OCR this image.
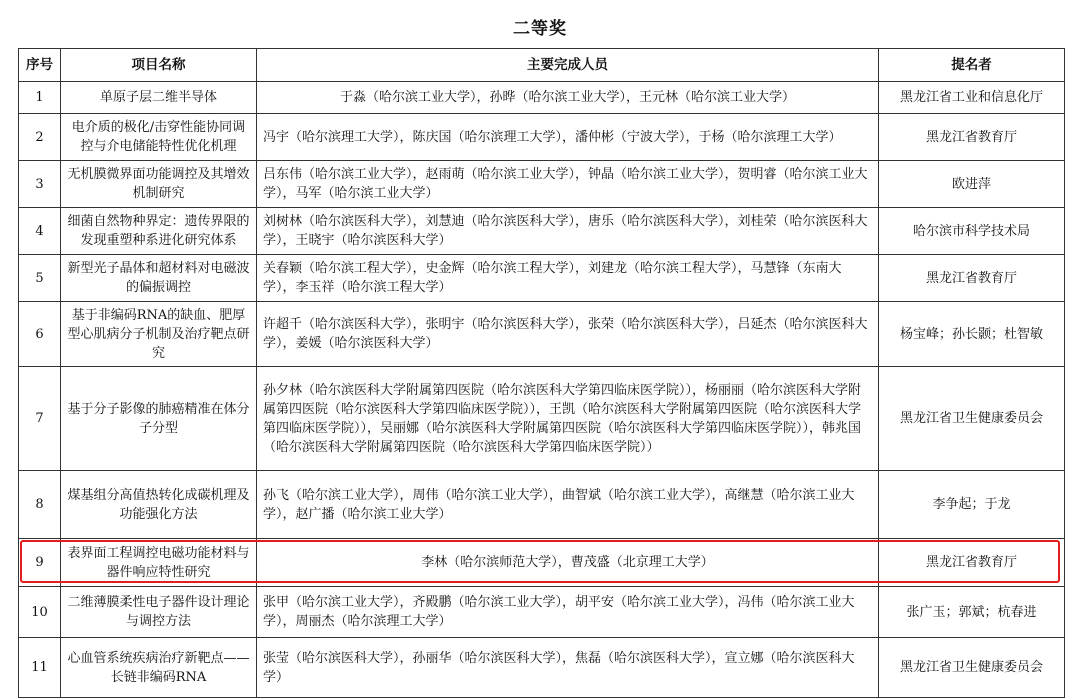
二等奖
序号	项目名称	主要完成人员	提名者
1	单原子层二维半导体	于淼（哈尔滨工业大学），孙晔（哈尔滨工业大学），王元林（哈尔滨工业大学）	黑龙江省工业和信息化厅
2	电介质的极化/击穿性能协同调控与介电储能特性优化机理	冯宇（哈尔滨理工大学），陈庆国（哈尔滨理工大学），潘仲彬（宁波大学），于杨（哈尔滨理工大学）	黑龙江省教育厅
3	无机膜微界面功能调控及其增效机制研究	吕东伟（哈尔滨工业大学），赵雨萌（哈尔滨工业大学），钟晶（哈尔滨工业大学），贺明睿（哈尔滨工业大学），马军（哈尔滨工业大学）	欧进萍
4	细菌自然物种界定：遗传界限的发现重塑种系进化研究体系	刘树林（哈尔滨医科大学），刘慧迪（哈尔滨医科大学），唐乐（哈尔滨医科大学），刘桂荣（哈尔滨医科大学），王晓宇（哈尔滨医科大学）	哈尔滨市科学技术局
5	新型光子晶体和超材料对电磁波的偏振调控	关春颖（哈尔滨工程大学），史金辉（哈尔滨工程大学），刘建龙（哈尔滨工程大学），马慧锋（东南大学），李玉祥（哈尔滨工程大学）	黑龙江省教育厅
6	基于非编码RNA的缺血、肥厚型心肌病分子机制及治疗靶点研究	许超千（哈尔滨医科大学），张明宇（哈尔滨医科大学），张荣（哈尔滨医科大学），吕延杰（哈尔滨医科大学），姜媛（哈尔滨医科大学）	杨宝峰；孙长颢；杜智敏
7	基于分子影像的肺癌精准在体分子分型	孙夕林（哈尔滨医科大学附属第四医院（哈尔滨医科大学第四临床医学院）），杨丽丽（哈尔滨医科大学附属第四医院（哈尔滨医科大学第四临床医学院）），王凯（哈尔滨医科大学附属第四医院（哈尔滨医科大学第四临床医学院）），吴丽娜（哈尔滨医科大学附属第四医院（哈尔滨医科大学第四临床医学院）），韩兆国（哈尔滨医科大学附属第四医院（哈尔滨医科大学第四临床医学院））	黑龙江省卫生健康委员会
8	煤基组分高值热转化成碳机理及功能强化方法	孙飞（哈尔滨工业大学），周伟（哈尔滨工业大学），曲智斌（哈尔滨工业大学），高继慧（哈尔滨工业大学），赵广播（哈尔滨工业大学）	李争起；于龙
9	表界面工程调控电磁功能材料与器件响应特性研究	李林（哈尔滨师范大学），曹茂盛（北京理工大学）	黑龙江省教育厅
10	二维薄膜柔性电子器件设计理论与调控方法	张甲（哈尔滨工业大学），齐殿鹏（哈尔滨工业大学），胡平安（哈尔滨工业大学），冯伟（哈尔滨工业大学），周丽杰（哈尔滨理工大学）	张广玉；郭斌；杭春进
11	心血管系统疾病治疗新靶点——长链非编码RNA	张莹（哈尔滨医科大学），孙丽华（哈尔滨医科大学），焦磊（哈尔滨医科大学），宣立娜（哈尔滨医科大学）	黑龙江省卫生健康委员会
